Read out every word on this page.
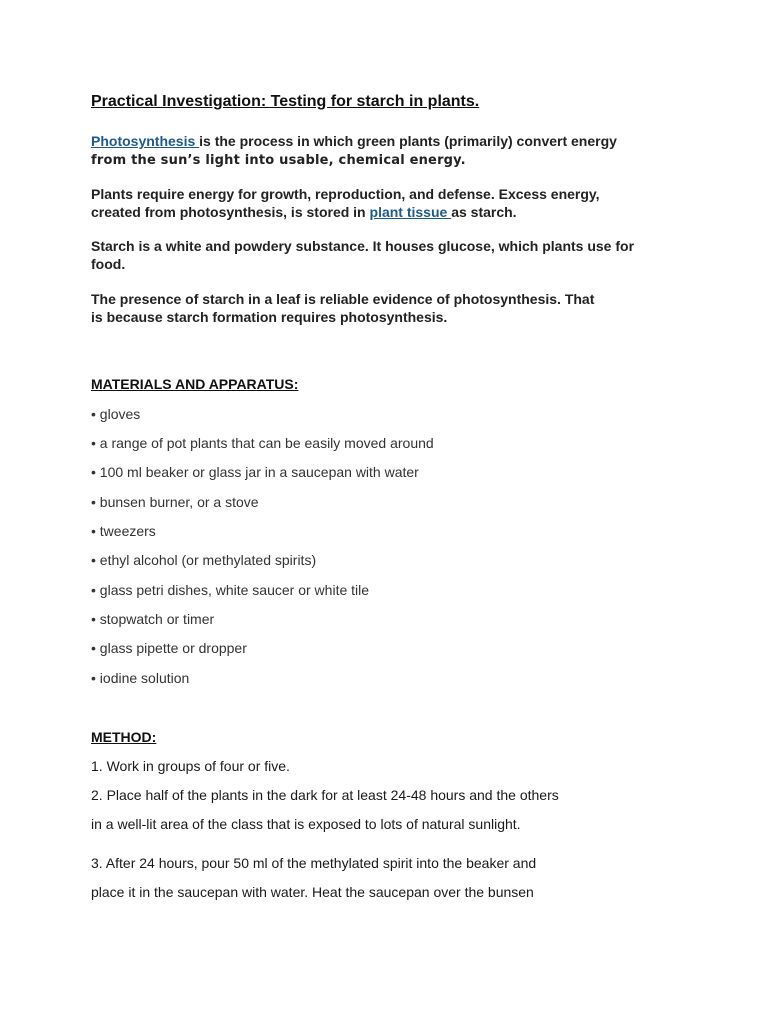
Practical Investigation: Testing for starch in plants.

Photosynthesis is the process in which green plants (primarily) convert energy
from the sun’s light into usable, chemical energy.

Plants require energy for growth, reproduction, and defense. Excess energy,
created from photosynthesis, is stored in plant tissue as starch.

Starch is a white and powdery substance. It houses glucose, which plants use for
food.

The presence of starch in a leaf is reliable evidence of photosynthesis. That
is because starch formation requires photosynthesis.

MATERIALS AND APPARATUS:
• gloves
• a range of pot plants that can be easily moved around
• 100 ml beaker or glass jar in a saucepan with water
• bunsen burner, or a stove
• tweezers
• ethyl alcohol (or methylated spirits)
• glass petri dishes, white saucer or white tile
• stopwatch or timer
• glass pipette or dropper
• iodine solution
METHOD:
1. Work in groups of four or five.
2. Place half of the plants in the dark for at least 24-48 hours and the others
in a well-lit area of the class that is exposed to lots of natural sunlight.
3. After 24 hours, pour 50 ml of the methylated spirit into the beaker and
place it in the saucepan with water. Heat the saucepan over the bunsen
